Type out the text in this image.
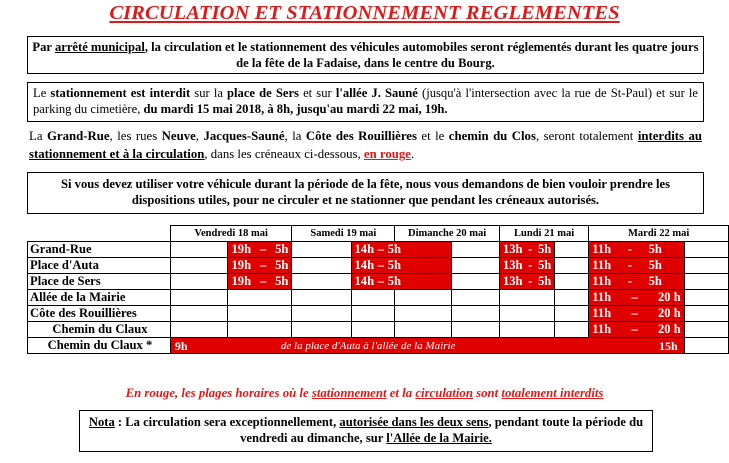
CIRCULATION ET STATIONNEMENT REGLEMENTES
Par arrêté municipal, la circulation et le stationnement des véhicules automobiles seront réglementés durant les quatre jours de la fête de la Fadaise, dans le centre du Bourg.
Le stationnement est interdit sur la place de Sers et sur l'allée J. Sauné (jusqu'à l'intersection avec la rue de St-Paul) et sur le parking du cimetière, du mardi 15 mai 2018, à 8h, jusqu'au mardi 22 mai, 19h.
La Grand-Rue, les rues Neuve, Jacques-Sauné, la Côte des Rouillières et le chemin du Clos, seront totalement interdits au stationnement et à la circulation, dans les créneaux ci-dessous, en rouge.
Si vous devez utiliser votre véhicule durant la période de la fête, nous vous demandons de bien vouloir prendre les dispositions utiles, pour ne circuler et ne stationner que pendant les créneaux autorisés.
	Vendredi 18 mai		Samedi 19 mai		Dimanche 20 mai		Lundi 21 mai		Mardi 22 mai		
Grand-Rue		19h – 5h		14h – 5h			13h - 5h		11h - 5h		

Place d'Auta		19h – 5h		14h – 5h			13h - 5h		11h - 5h		

Place de Sers		19h – 5h		14h – 5h			13h - 5h		11h - 5h		

Allée de la Mairie									11h – 20 h		

Côte des Rouillières									11h – 20 h		

Chemin du Claux									11h – 20 h		

Chemin du Claux *	9h de la place d'Auta à l'allée de la Mairie 15h										

En rouge, les plages horaires où le stationnement et la circulation sont totalement interdits
Nota : La circulation sera exceptionnellement, autorisée dans les deux sens, pendant toute la période du vendredi au dimanche, sur l'Allée de la Mairie.
